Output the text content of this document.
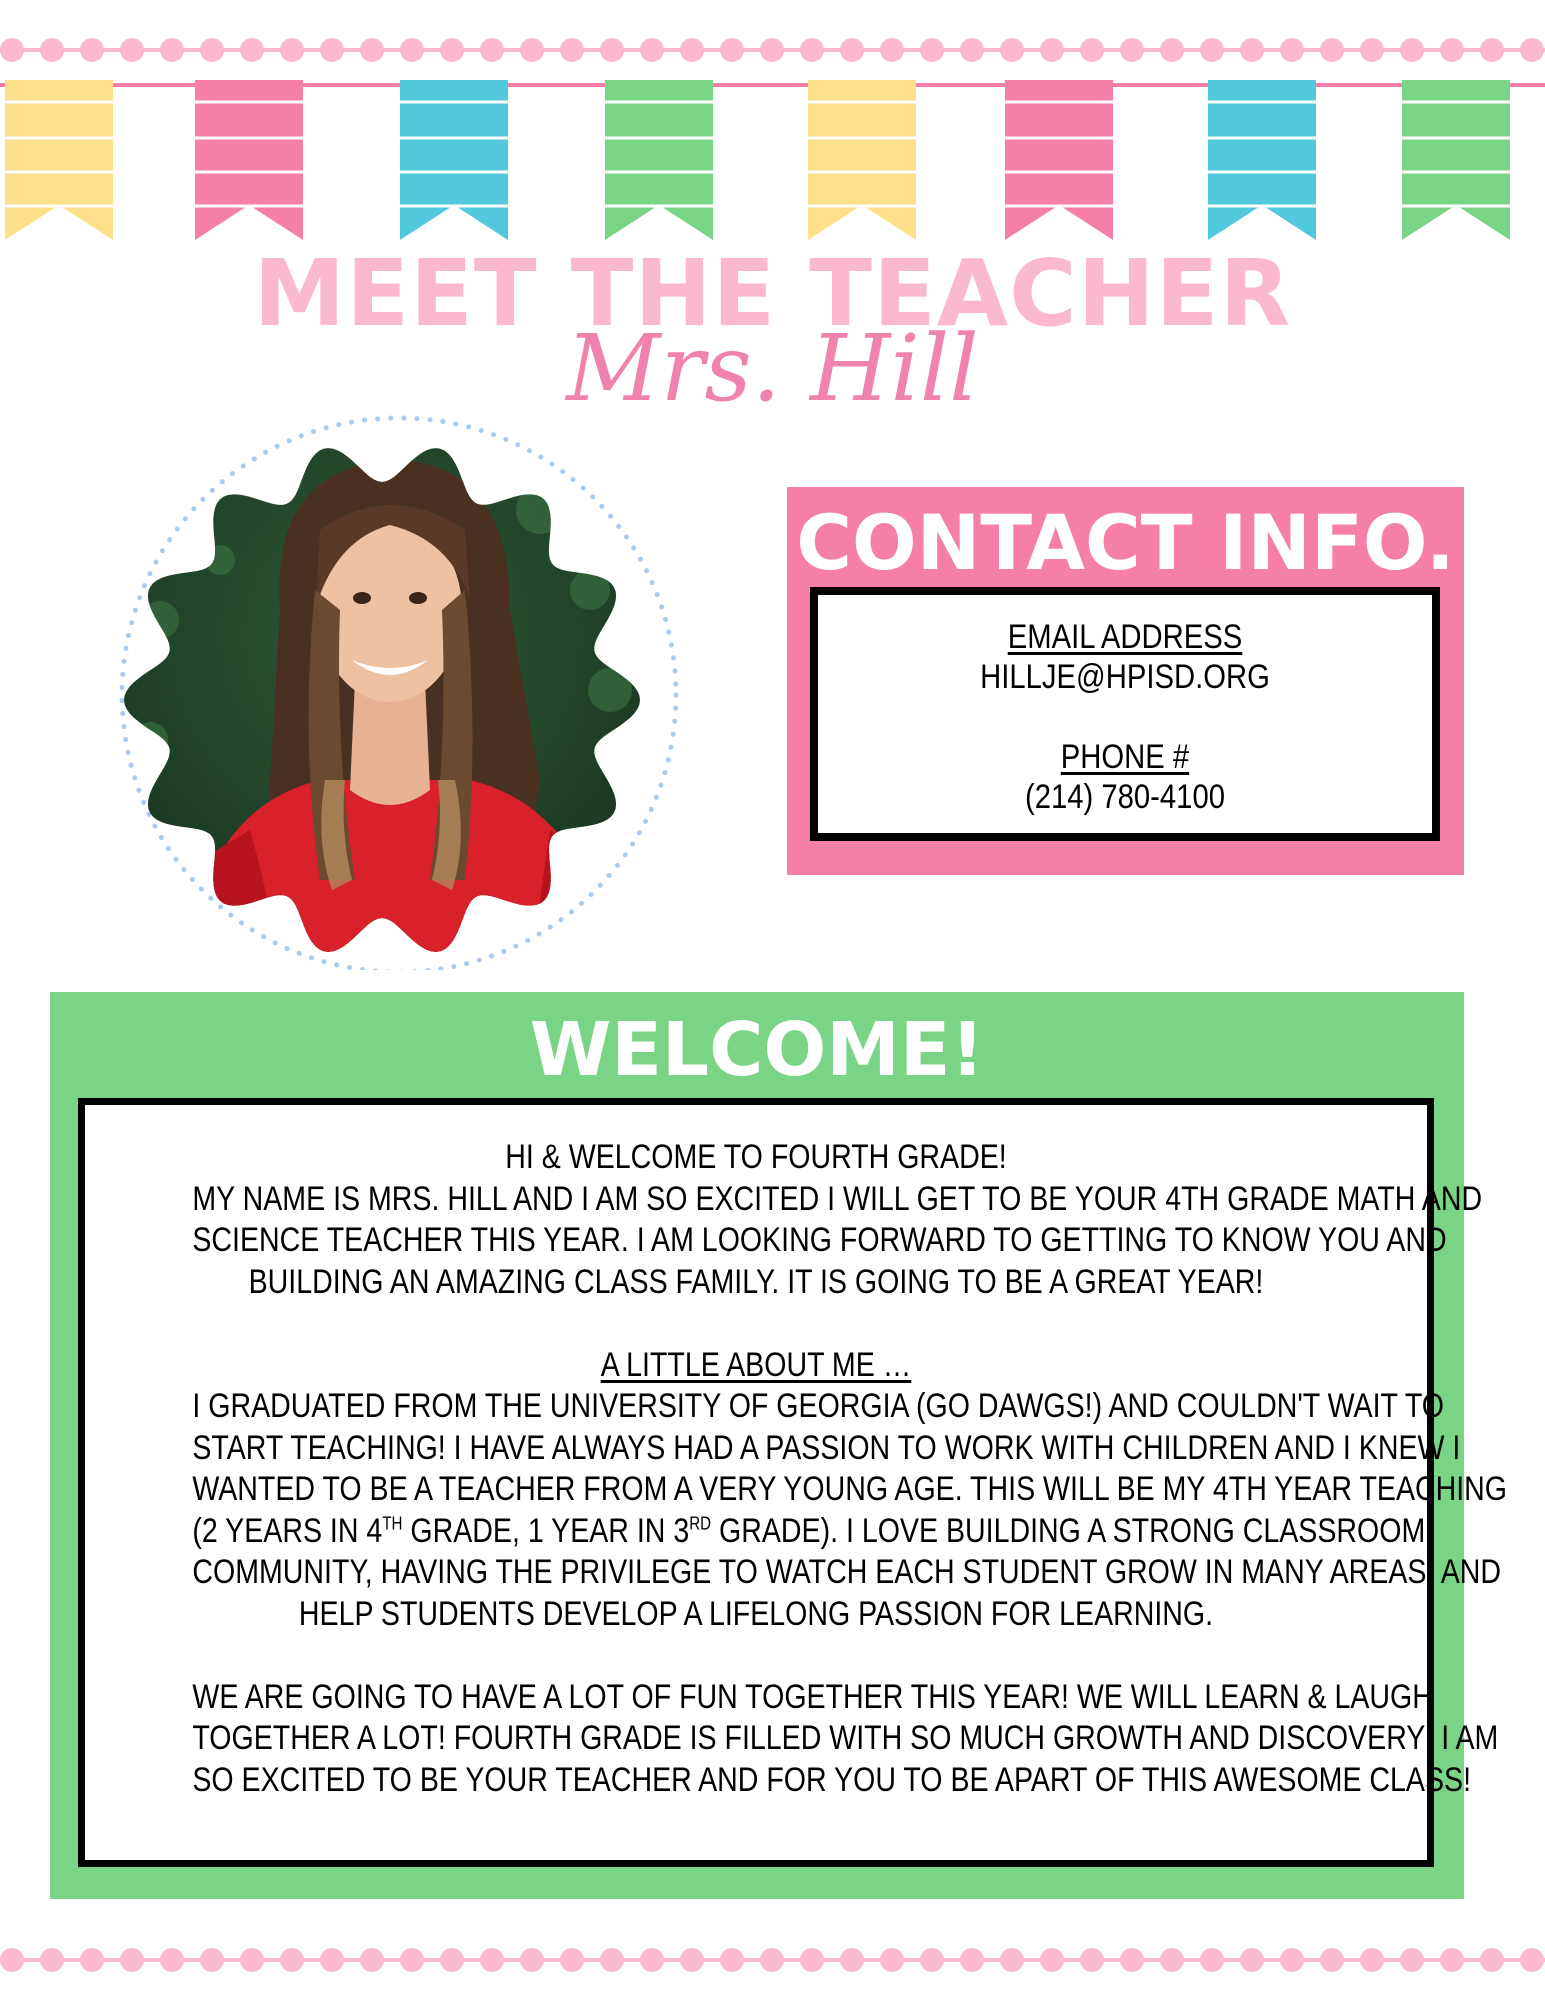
MEET THE TEACHER
Mrs. Hill
CONTACT INFO.
EMAIL ADDRESS
HILLJE@HPISD.ORG
PHONE #
(214) 780-4100
WELCOME!
HI & WELCOME TO FOURTH GRADE!
MY NAME IS MRS. HILL AND I AM SO EXCITED I WILL GET TO BE YOUR 4TH GRADE MATH AND
SCIENCE TEACHER THIS YEAR. I AM LOOKING FORWARD TO GETTING TO KNOW YOU AND
BUILDING AN AMAZING CLASS FAMILY. IT IS GOING TO BE A GREAT YEAR!
A LITTLE ABOUT ME …
I GRADUATED FROM THE UNIVERSITY OF GEORGIA (GO DAWGS!) AND COULDN'T WAIT TO
START TEACHING! I HAVE ALWAYS HAD A PASSION TO WORK WITH CHILDREN AND I KNEW I
WANTED TO BE A TEACHER FROM A VERY YOUNG AGE. THIS WILL BE MY 4TH YEAR TEACHING
(2 YEARS IN 4TH GRADE, 1 YEAR IN 3RD GRADE). I LOVE BUILDING A STRONG CLASSROOM
COMMUNITY, HAVING THE PRIVILEGE TO WATCH EACH STUDENT GROW IN MANY AREAS, AND
HELP STUDENTS DEVELOP A LIFELONG PASSION FOR LEARNING.
WE ARE GOING TO HAVE A LOT OF FUN TOGETHER THIS YEAR! WE WILL LEARN & LAUGH
TOGETHER A LOT! FOURTH GRADE IS FILLED WITH SO MUCH GROWTH AND DISCOVERY! I AM
SO EXCITED TO BE YOUR TEACHER AND FOR YOU TO BE APART OF THIS AWESOME CLASS!
